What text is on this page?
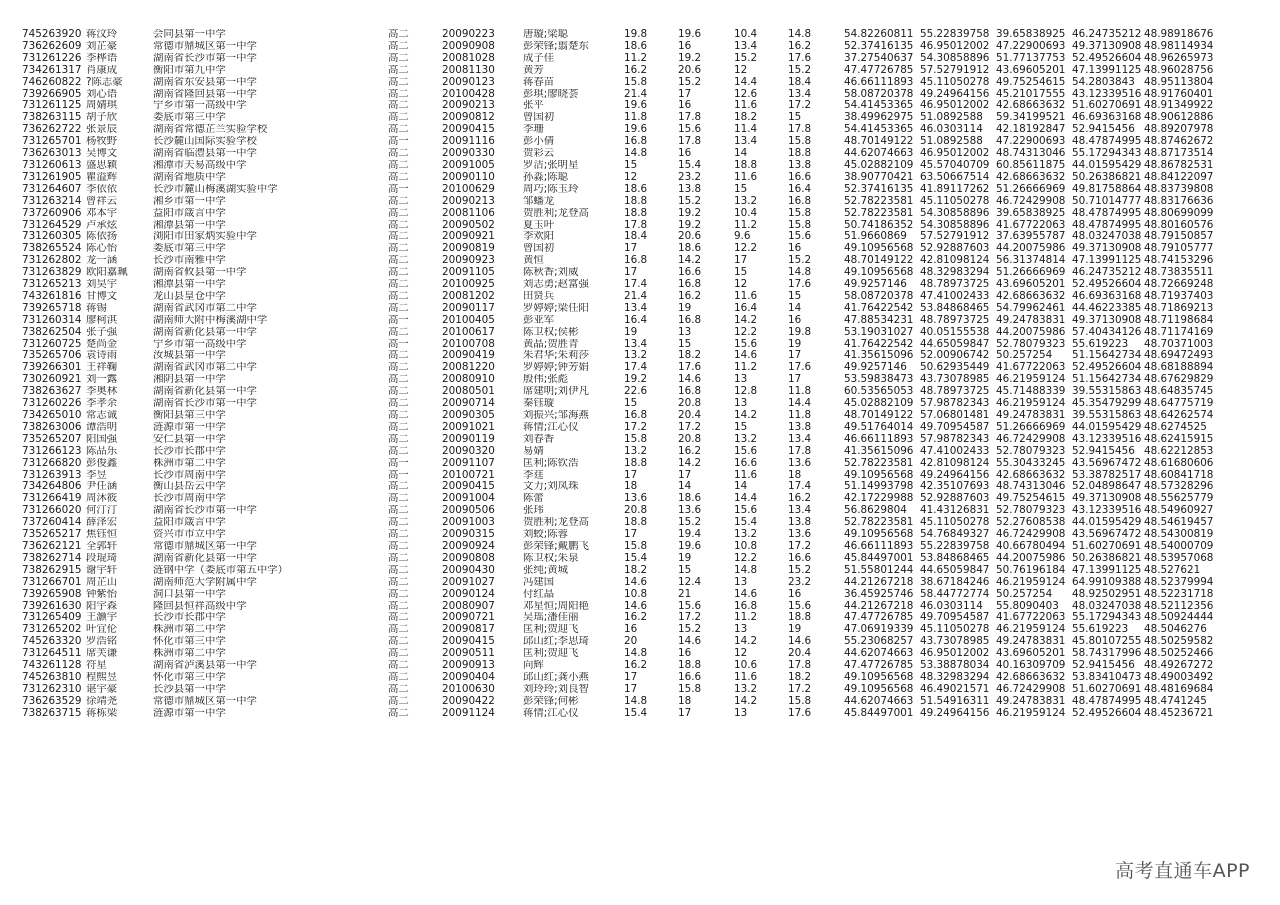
745263920	蒋汶玲	会同县第一中学	高二	20090223	唐璇;梁聪	19.8	19.6	10.4	14.8	54.82260811	55.22839758	39.65838925	46.24735212	48.98918676
736262609	刘芷豪	常德市鼎城区第一中学	高二	20090908	彭荣锋;翦楚东	18.6	16	13.4	16.2	52.37416135	46.95012002	47.22900693	49.37130908	48.98114934
731261226	李桦语	湖南省长沙市第一中学	高二	20081028	成子佳	11.2	19.2	15.2	17.6	37.27540637	54.30858896	51.77137753	52.49526604	48.96265973
734261317	肖康成	衡阳市第九中学	高二	20081130	黄芳	16.2	20.6	12	15.2	47.47726785	57.52791912	43.69605201	47.13991125	48.96028756
746260822	?陈志豪	湖南省东安县第一中学	高二	20090123	蒋春苗	15.8	15.2	14.4	18.4	46.66111893	45.11050278	49.75254615	54.2803843	48.95113804
739266905	刘心语	湖南省隆回县第一中学	高二	20100428	彭琪;廖晓荟	21.4	17	12.6	13.4	58.08720378	49.24964156	45.21017555	43.12339516	48.91760401
731261125	周婧琪	宁乡市第一高级中学	高二	20090213	张平	19.6	16	11.6	17.2	54.41453365	46.95012002	42.68663632	51.60270691	48.91349922
738263115	胡子欣	娄底市第三中学	高二	20090812	曾国初	11.8	17.8	18.2	15	38.49962975	51.0892588	59.34199521	46.69363168	48.90612886
736262722	张景辰	湖南省常德芷兰实验学校	高二	20090415	李珊	19.6	15.6	11.4	17.8	54.41453365	46.0303114	42.18192847	52.9415456	48.89207978
731265701	杨牧野	长沙麓山国际实验学校	高一	20091116	彭小倩	16.8	17.8	13.4	15.8	48.70149122	51.0892588	47.22900693	48.47874995	48.87462672
736263013	吴博文	湖南省临澧县第一中学	高二	20090330	贺彩云	14.8	16	14	18.8	44.62074663	46.95012002	48.74313046	55.17294343	48.87173514
731260613	盛思颖	湘潭市天易高级中学	高二	20091005	罗洁;张明星	15	15.4	18.8	13.8	45.02882109	45.57040709	60.85611875	44.01595429	48.86782531
731261905	瞿溢辉	湖南省地质中学	高二	20090110	孙淼;陈聪	12	23.2	11.6	16.6	38.90770421	63.50667514	42.68663632	50.26386821	48.84122097
731264607	李依依	长沙市麓山梅溪湖实验中学	高一	20100629	周巧;陈玉玲	18.6	13.8	15	16.4	52.37416135	41.89117262	51.26666969	49.81758864	48.83739808
731263214	曾祥云	湘乡市第一中学	高二	20090213	邹蟠龙	18.8	15.2	13.2	16.8	52.78223581	45.11050278	46.72429908	50.71014777	48.83176636
737260906	邓本宇	益阳市箴言中学	高二	20081106	贺胜利;龙登高	18.8	19.2	10.4	15.8	52.78223581	54.30858896	39.65838925	48.47874995	48.80699099
731264529	卢承炫	湘潭县第一中学	高二	20090502	夏玉叶	17.8	19.2	11.2	15.8	50.74186352	54.30858896	41.67722063	48.47874995	48.80160576
731260305	陈依扬	浏阳市田家炳实验中学	高二	20090921	李欢阳	18.4	20.6	9.6	15.6	51.9660869	57.52791912	37.63955787	48.03247038	48.79150857
738265524	陈心怡	娄底市第三中学	高二	20090819	曾国初	17	18.6	12.2	16	49.10956568	52.92887603	44.20075986	49.37130908	48.79105777
731262802	龙一涵	长沙市南雅中学	高二	20090923	黄恒	16.8	14.2	17	15.2	48.70149122	42.81098124	56.31374814	47.13991125	48.74153296
731263829	欧阳嘉珮	湖南省攸县第一中学	高二	20091105	陈秋香;刘威	17	16.6	15	14.8	49.10956568	48.32983294	51.26666969	46.24735212	48.73835511
731265213	刘昊宇	湘潭县第一中学	高二	20100925	刘志勇;赵富强	17.4	16.8	12	17.6	49.9257146	48.78973725	43.69605201	52.49526604	48.72669248
743261816	甘博文	龙山县皇仓中学	高二	20081202	田贤兵	21.4	16.2	11.6	15	58.08720378	47.41002433	42.68663632	46.69363168	48.71937403
739265718	蒋锡	湖南省武冈市第二中学	高二	20090117	罗婷婷;梁任阳	13.4	19	16.4	14	41.76422542	53.84868465	54.79962461	44.46223385	48.71869213
731260314	廖柯淇	湖南师大附中梅溪湖中学	高一	20100405	彭亚军	16.4	16.8	14.2	16	47.88534231	48.78973725	49.24783831	49.37130908	48.71198684
738262504	张子强	湖南省新化县第一中学	高二	20100617	陈卫权;侯彬	19	13	12.2	19.8	53.19031027	40.05155538	44.20075986	57.40434126	48.71174169
731260725	楚尚金	宁乡市第一高级中学	高一	20100708	黄晶;贺胜青	13.4	15	15.6	19	41.76422542	44.65059847	52.78079323	55.619223	48.70371003
735265706	袁诗雨	汝城县第一中学	高二	20090419	朱君华;朱莉莎	13.2	18.2	14.6	17	41.35615096	52.00906742	50.257254	51.15642734	48.69472493
739266301	王祥鞠	湖南省武冈市第二中学	高二	20081220	罗婷婷;钟芳娟	17.4	17.6	11.2	17.6	49.9257146	50.62935449	41.67722063	52.49526604	48.68188894
730260921	刘一露	湘阴县第一中学	高二	20080910	殷伟;张彪	19.2	14.6	13	17	53.59838473	43.73078985	46.21959124	51.15642734	48.67629829
738263627	李奥林	湖南省新化县第一中学	高二	20080501	席建明;刘伊凡	22.6	16.8	12.8	11.8	60.53565053	48.78973725	45.71488339	39.55315863	48.64835745
731260226	李孝余	湖南省长沙市第一中学	高二	20090714	秦钰璇	15	20.8	13	14.4	45.02882109	57.98782343	46.21959124	45.35479299	48.64775719
734265010	常志诚	衡阳县第三中学	高二	20090305	刘振兴;邹海燕	16.8	20.4	14.2	11.8	48.70149122	57.06801481	49.24783831	39.55315863	48.64262574
738263006	谭浩明	涟源市第一中学	高二	20091021	蒋情;江心仪	17.2	17.2	15	13.8	49.51764014	49.70954587	51.26666969	44.01595429	48.6274525
735265207	阳国强	安仁县第一中学	高二	20090119	刘春香	15.8	20.8	13.2	13.4	46.66111893	57.98782343	46.72429908	43.12339516	48.62415915
731266123	陈品乐	长沙市长郡中学	高二	20090320	易婧	13.2	16.2	15.6	17.8	41.35615096	47.41002433	52.78079323	52.9415456	48.62212853
731266820	彭俊鑫	株洲市第二中学	高一	20091107	匡利;陈钦浩	18.8	14.2	16.6	13.6	52.78223581	42.81098124	55.30433245	43.56967472	48.61680606
731263913	李昱	长沙市周南中学	高一	20100721	李莛	17	17	11.6	18	49.10956568	49.24964156	42.68663632	53.38782517	48.60841718
734264806	尹任涵	衡山县岳云中学	高二	20090415	文力;刘凤珠	18	14	14	17.4	51.14993798	42.35107693	48.74313046	52.04898647	48.57328296
731266419	周沐筱	长沙市周南中学	高二	20091004	陈蕾	13.6	18.6	14.4	16.2	42.17229988	52.92887603	49.75254615	49.37130908	48.55625779
731266020	何汀汀	湖南省长沙市第一中学	高二	20090506	张玮	20.8	13.6	15.6	13.4	56.8629804	41.43126831	52.78079323	43.12339516	48.54960927
737260414	薛泽宏	益阳市箴言中学	高二	20091003	贺胜利;龙登高	18.8	15.2	15.4	13.8	52.78223581	45.11050278	52.27608538	44.01595429	48.54619457
735265217	焦钰恒	资兴市市立中学	高二	20090315	刘蛟;陈蓉	17	19.4	13.2	13.6	49.10956568	54.76849327	46.72429908	43.56967472	48.54300819
736262121	全郭轩	常德市鼎城区第一中学	高二	20090924	彭荣锋;戴鹏飞	15.8	19.6	10.8	17.2	46.66111893	55.22839758	40.66780494	51.60270691	48.54000709
738262714	段琨琦	湖南省新化县第一中学	高二	20090808	陈卫权;朱泉	15.4	19	12.2	16.6	45.84497001	53.84868465	44.20075986	50.26386821	48.53957068
738262915	谢宇轩	涟钢中学（娄底市第五中学）	高二	20090430	张纯;黄城	18.2	15	14.8	15.2	51.55801244	44.65059847	50.76196184	47.13991125	48.527621
731266701	周芷山	湖南师范大学附属中学	高二	20091027	冯建国	14.6	12.4	13	23.2	44.21267218	38.67184246	46.21959124	64.99109388	48.52379994
739265908	钟紫怡	洞口县第一中学	高二	20090124	付红晶	10.8	21	14.6	16	36.45925746	58.44772774	50.257254	48.92502951	48.52231718
739261630	阳宇森	隆回县恒祥高级中学	高二	20080907	邓星恒;周阳艳	14.6	15.6	16.8	15.6	44.21267218	46.0303114	55.8090403	48.03247038	48.52112356
731265409	王灏宇	长沙市长郡中学	高二	20090721	吴瑶;潘佳丽	16.2	17.2	11.2	18.8	47.47726785	49.70954587	41.67722063	55.17294343	48.50924444
731265202	叶宜伦	株洲市第二中学	高二	20090817	匡利;贺迎飞	16	15.2	13	19	47.06919339	45.11050278	46.21959124	55.619223	48.5046276
745263320	罗浩铭	怀化市第三中学	高二	20090415	邱山红;李思琦	20	14.6	14.2	14.6	55.23068257	43.73078985	49.24783831	45.80107255	48.50259582
731264511	席芙谦	株洲市第二中学	高二	20090511	匡利;贺迎飞	14.8	16	12	20.4	44.62074663	46.95012002	43.69605201	58.74317996	48.50252466
743261128	符星	湖南省泸溪县第一中学	高二	20090913	向辉	16.2	18.8	10.6	17.8	47.47726785	53.38878034	40.16309709	52.9415456	48.49267272
745263810	程熙昱	怀化市第三中学	高二	20090404	邱山红;龚小燕	17	16.6	11.6	18.2	49.10956568	48.32983294	42.68663632	53.83410473	48.49003492
731262310	谌宇豪	长沙县第一中学	高二	20100630	刘玲玲;刘良智	17	15.8	13.2	17.2	49.10956568	46.49021571	46.72429908	51.60270691	48.48169684
736263529	徐靖尧	常德市鼎城区第一中学	高二	20090422	彭荣锋;何彬	14.8	18	14.2	15.8	44.62074663	51.54916311	49.24783831	48.47874995	48.4741245
738263715	蒋栋梁	涟源市第一中学	高二	20091124	蒋情;江心仪	15.4	17	13	17.6	45.84497001	49.24964156	46.21959124	52.49526604	48.45236721
高考直通车APP
